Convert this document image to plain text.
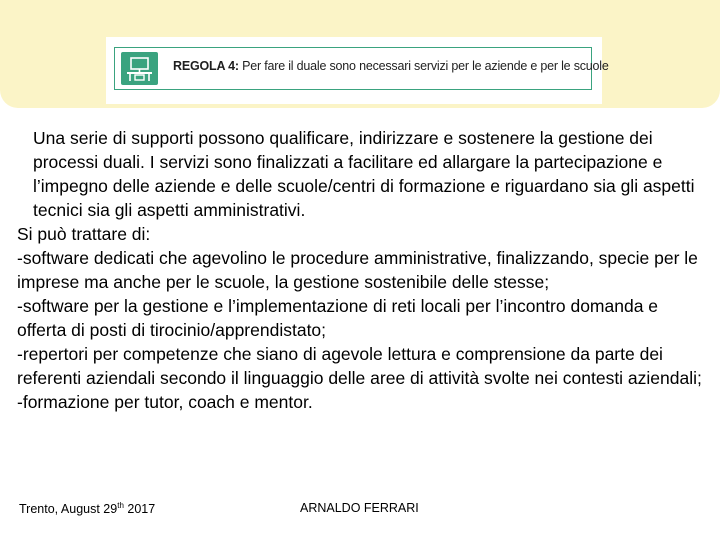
REGOLA 4: Per fare il duale sono necessari servizi per le aziende e per le scuole

Una serie di supporti possono qualificare, indirizzare e sostenere la gestione dei processi duali. I servizi sono finalizzati a facilitare ed allargare la partecipazione e l’impegno delle aziende e delle scuole/centri di formazione e riguardano sia gli aspetti tecnici sia gli aspetti amministrativi.

Si può trattare di:

-software dedicati che agevolino le procedure amministrative, finalizzando, specie per le imprese ma anche per le scuole, la gestione sostenibile delle stesse;

-software per la gestione e l’implementazione di reti locali per l’incontro domanda e offerta di posti di tirocinio/apprendistato;

-repertori per competenze che siano di agevole lettura e comprensione da parte dei referenti aziendali secondo il linguaggio delle aree di attività svolte nei contesti aziendali;

-formazione per tutor, coach e mentor.

Trento, August 29th 2017	ARNALDO FERRARI
